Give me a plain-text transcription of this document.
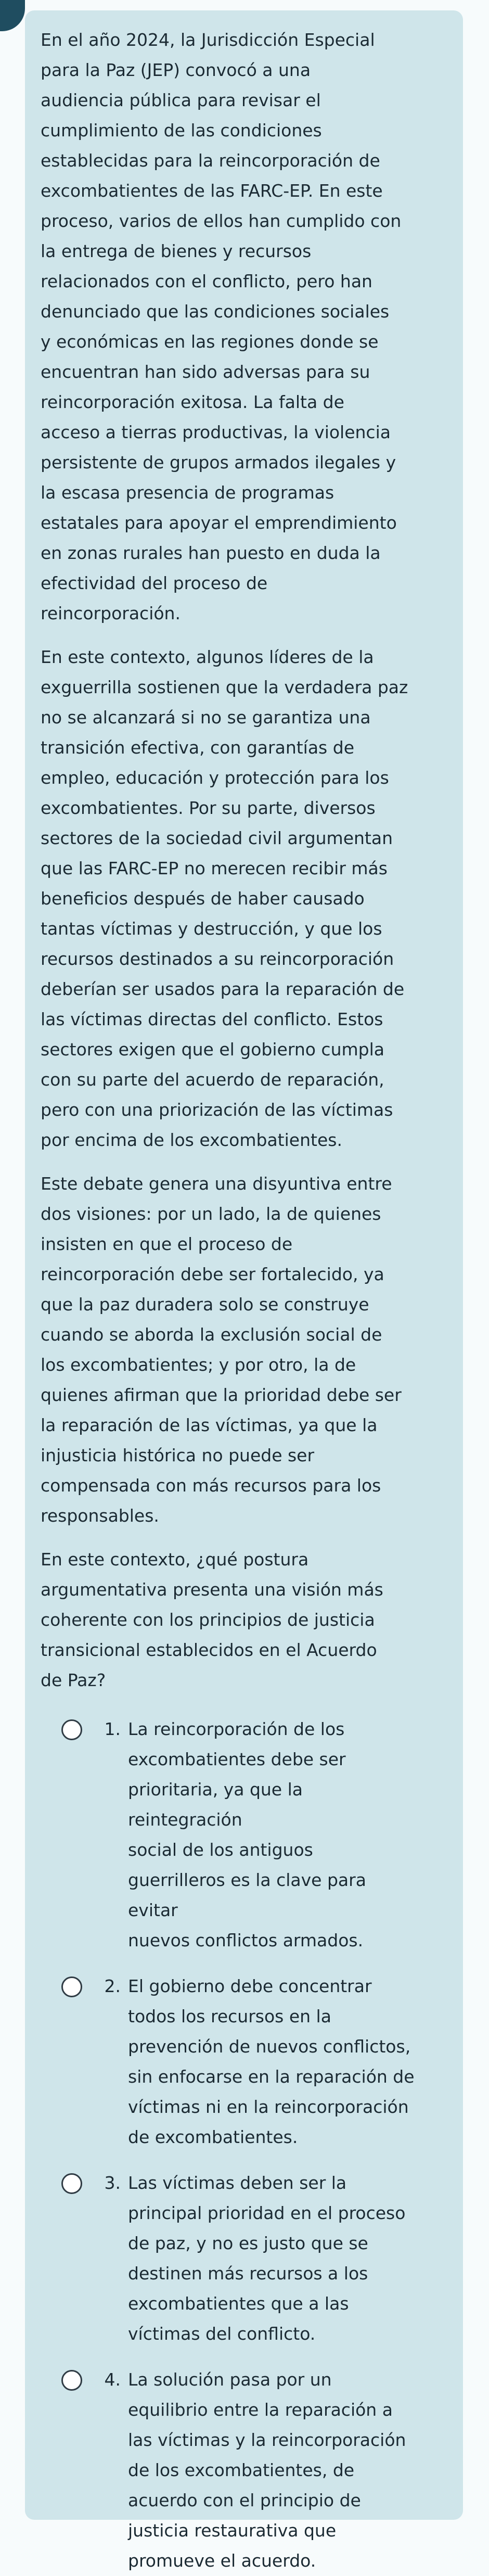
En el año 2024, la Jurisdicción Especial
para la Paz (JEP) convocó a una
audiencia pública para revisar el
cumplimiento de las condiciones
establecidas para la reincorporación de
excombatientes de las FARC-EP. En este
proceso, varios de ellos han cumplido con
la entrega de bienes y recursos
relacionados con el conflicto, pero han
denunciado que las condiciones sociales
y económicas en las regiones donde se
encuentran han sido adversas para su
reincorporación exitosa. La falta de
acceso a tierras productivas, la violencia
persistente de grupos armados ilegales y
la escasa presencia de programas
estatales para apoyar el emprendimiento
en zonas rurales han puesto en duda la
efectividad del proceso de
reincorporación.

En este contexto, algunos líderes de la
exguerrilla sostienen que la verdadera paz
no se alcanzará si no se garantiza una
transición efectiva, con garantías de
empleo, educación y protección para los
excombatientes. Por su parte, diversos
sectores de la sociedad civil argumentan
que las FARC-EP no merecen recibir más
beneficios después de haber causado
tantas víctimas y destrucción, y que los
recursos destinados a su reincorporación
deberían ser usados para la reparación de
las víctimas directas del conflicto. Estos
sectores exigen que el gobierno cumpla
con su parte del acuerdo de reparación,
pero con una priorización de las víctimas
por encima de los excombatientes.

Este debate genera una disyuntiva entre
dos visiones: por un lado, la de quienes
insisten en que el proceso de
reincorporación debe ser fortalecido, ya
que la paz duradera solo se construye
cuando se aborda la exclusión social de
los excombatientes; y por otro, la de
quienes afirman que la prioridad debe ser
la reparación de las víctimas, ya que la
injusticia histórica no puede ser
compensada con más recursos para los
responsables.

En este contexto, ¿qué postura
argumentativa presenta una visión más
coherente con los principios de justicia
transicional establecidos en el Acuerdo
de Paz?

1. La reincorporación de los
excombatientes debe ser
prioritaria, ya que la reintegración
social de los antiguos
guerrilleros es la clave para evitar
nuevos conflictos armados.
2. El gobierno debe concentrar
todos los recursos en la
prevención de nuevos conflictos,
sin enfocarse en la reparación de
víctimas ni en la reincorporación
de excombatientes.
3. Las víctimas deben ser la
principal prioridad en el proceso
de paz, y no es justo que se
destinen más recursos a los
excombatientes que a las
víctimas del conflicto.
4. La solución pasa por un
equilibrio entre la reparación a
las víctimas y la reincorporación
de los excombatientes, de
acuerdo con el principio de
justicia restaurativa que
promueve el acuerdo.
